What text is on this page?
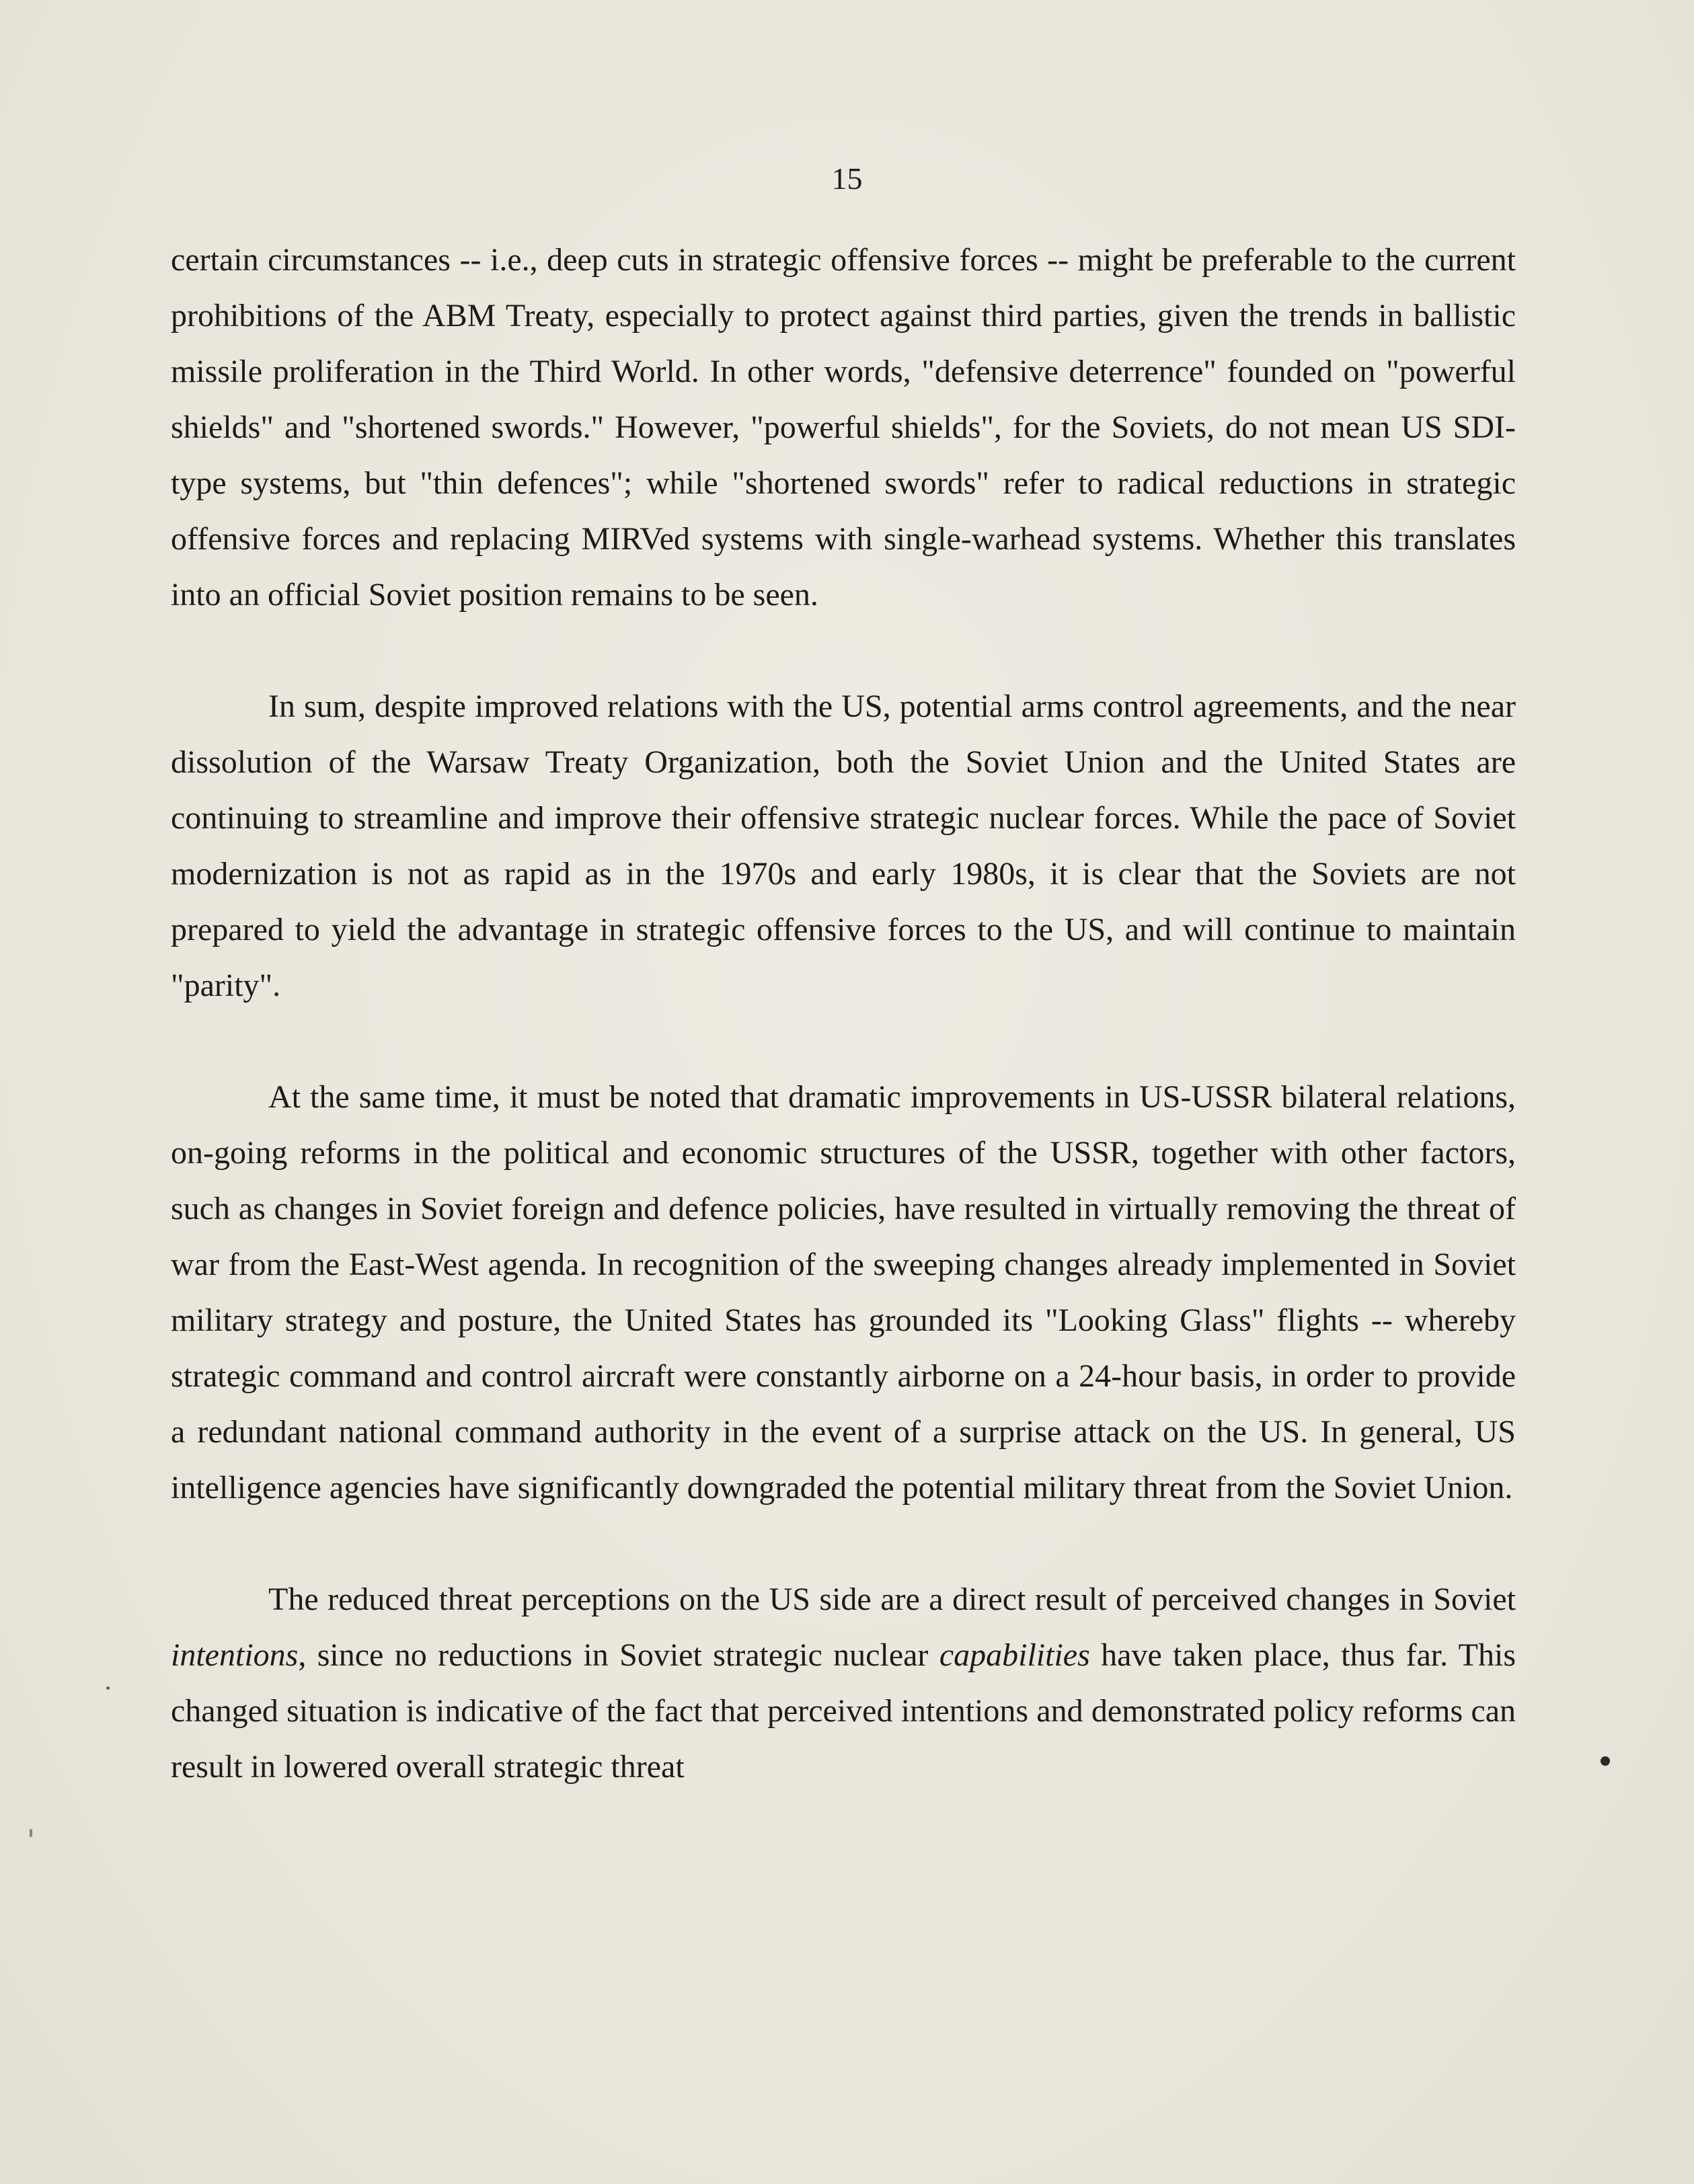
15

certain circumstances -- i.e., deep cuts in strategic offensive forces -- might be preferable to the current prohibitions of the ABM Treaty, especially to protect against third parties, given the trends in ballistic missile proliferation in the Third World. In other words, "defensive deterrence" founded on "powerful shields" and "shortened swords." However, "powerful shields", for the Soviets, do not mean US SDI-type systems, but "thin defences"; while "shortened swords" refer to radical reductions in strategic offensive forces and replacing MIRVed systems with single-warhead systems. Whether this translates into an official Soviet position remains to be seen.

In sum, despite improved relations with the US, potential arms control agreements, and the near dissolution of the Warsaw Treaty Organization, both the Soviet Union and the United States are continuing to streamline and improve their offensive strategic nuclear forces. While the pace of Soviet modernization is not as rapid as in the 1970s and early 1980s, it is clear that the Soviets are not prepared to yield the advantage in strategic offensive forces to the US, and will continue to maintain "parity".

At the same time, it must be noted that dramatic improvements in US-USSR bilateral relations, on-going reforms in the political and economic structures of the USSR, together with other factors, such as changes in Soviet foreign and defence policies, have resulted in virtually removing the threat of war from the East-West agenda. In recognition of the sweeping changes already implemented in Soviet military strategy and posture, the United States has grounded its "Looking Glass" flights -- whereby strategic command and control aircraft were constantly airborne on a 24-hour basis, in order to provide a redundant national command authority in the event of a surprise attack on the US. In general, US intelligence agencies have significantly downgraded the potential military threat from the Soviet Union.

The reduced threat perceptions on the US side are a direct result of perceived changes in Soviet intentions, since no reductions in Soviet strategic nuclear capabilities have taken place, thus far. This changed situation is indicative of the fact that perceived intentions and demonstrated policy reforms can result in lowered overall strategic threat
